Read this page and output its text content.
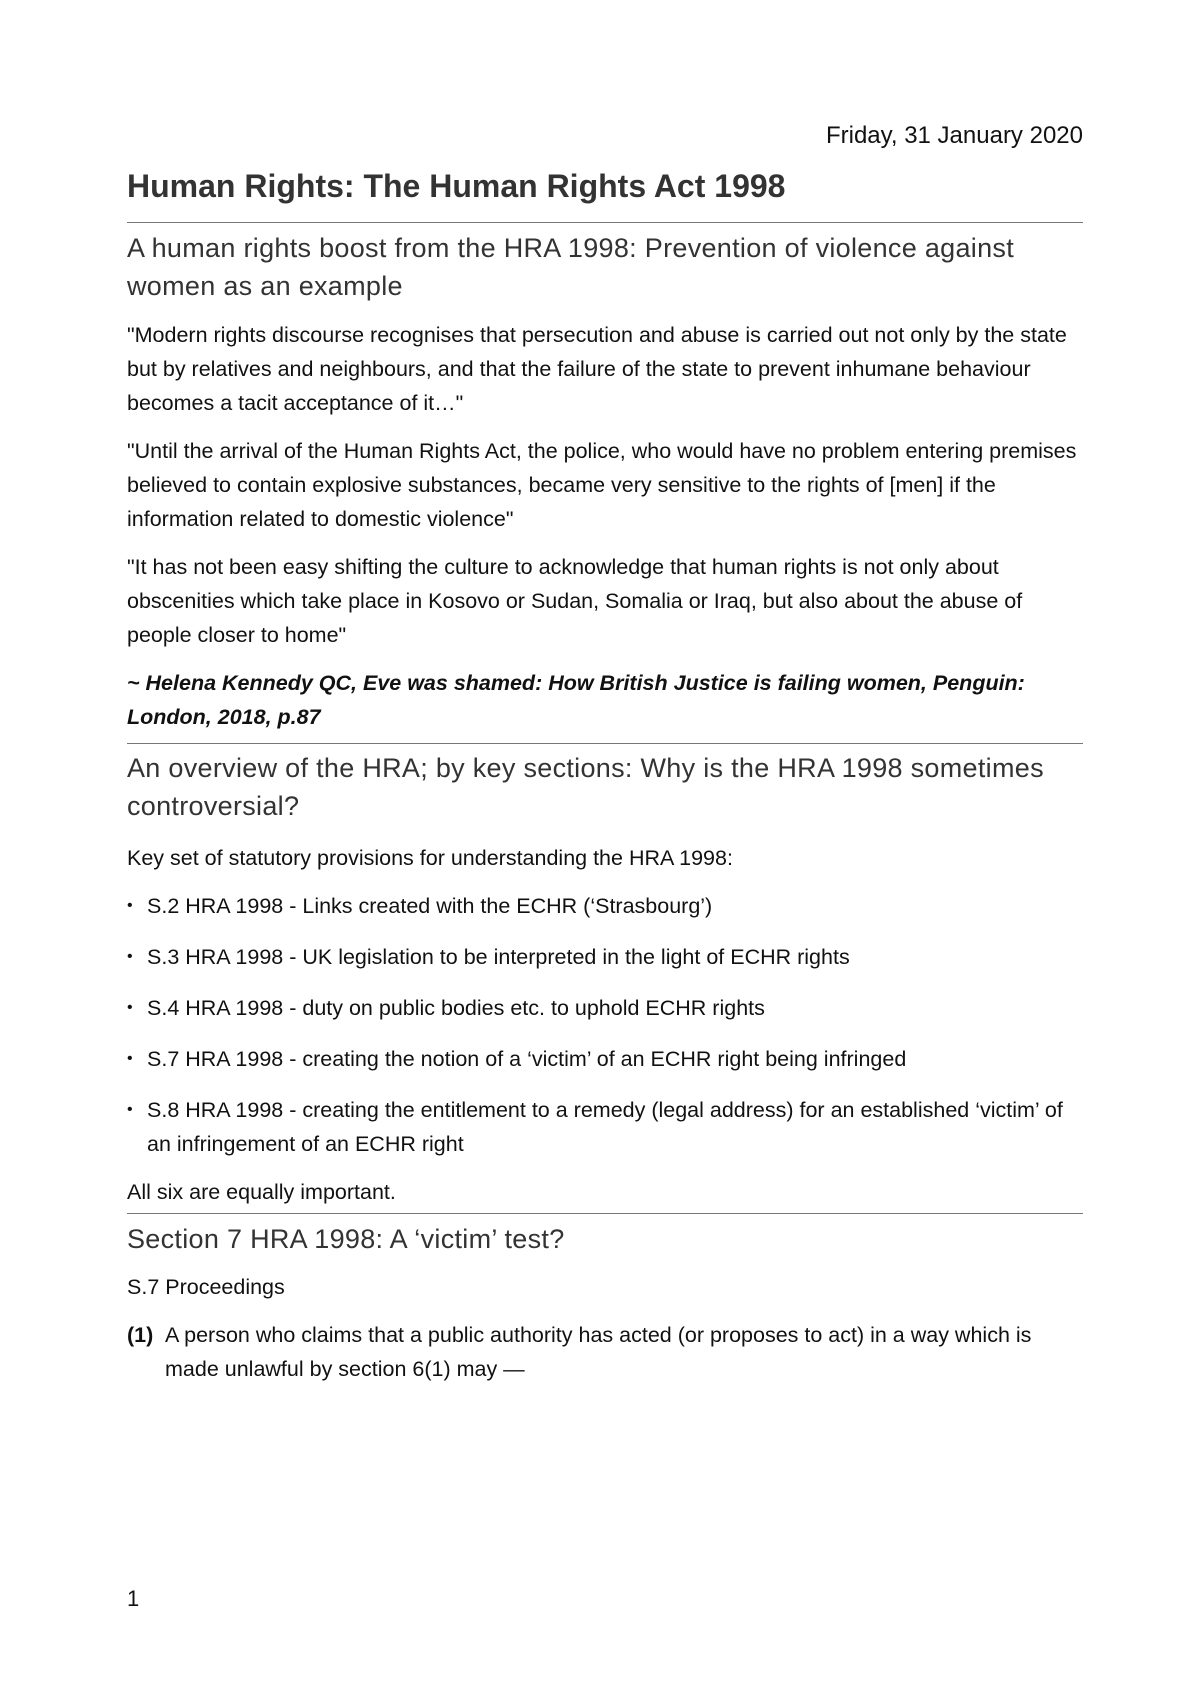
Friday, 31 January 2020
Human Rights: The Human Rights Act 1998
A human rights boost from the HRA 1998: Prevention of violence against women as an example

"Modern rights discourse recognises that persecution and abuse is carried out not only by the state but by relatives and neighbours, and that the failure of the state to prevent inhumane behaviour becomes a tacit acceptance of it…"

"Until the arrival of the Human Rights Act, the police, who would have no problem entering premises believed to contain explosive substances, became very sensitive to the rights of [men] if the information related to domestic violence"

"It has not been easy shifting the culture to acknowledge that human rights is not only about obscenities which take place in Kosovo or Sudan, Somalia or Iraq, but also about the abuse of people closer to home"

~ Helena Kennedy QC, Eve was shamed: How British Justice is failing women, Penguin: London, 2018, p.87

An overview of the HRA; by key sections: Why is the HRA 1998 sometimes controversial?

Key set of statutory provisions for understanding the HRA 1998:

• S.2 HRA 1998 - Links created with the ECHR (‘Strasbourg’)
• S.3 HRA 1998 - UK legislation to be interpreted in the light of ECHR rights
• S.4 HRA 1998 - duty on public bodies etc. to uphold ECHR rights
• S.7 HRA 1998 - creating the notion of a ‘victim’ of an ECHR right being infringed
• S.8 HRA 1998 - creating the entitlement to a remedy (legal address) for an established ‘victim’ of an infringement of an ECHR right

All six are equally important.

Section 7 HRA 1998: A ‘victim’ test?

S.7 Proceedings

(1) A person who claims that a public authority has acted (or proposes to act) in a way which is made unlawful by section 6(1) may —
1
